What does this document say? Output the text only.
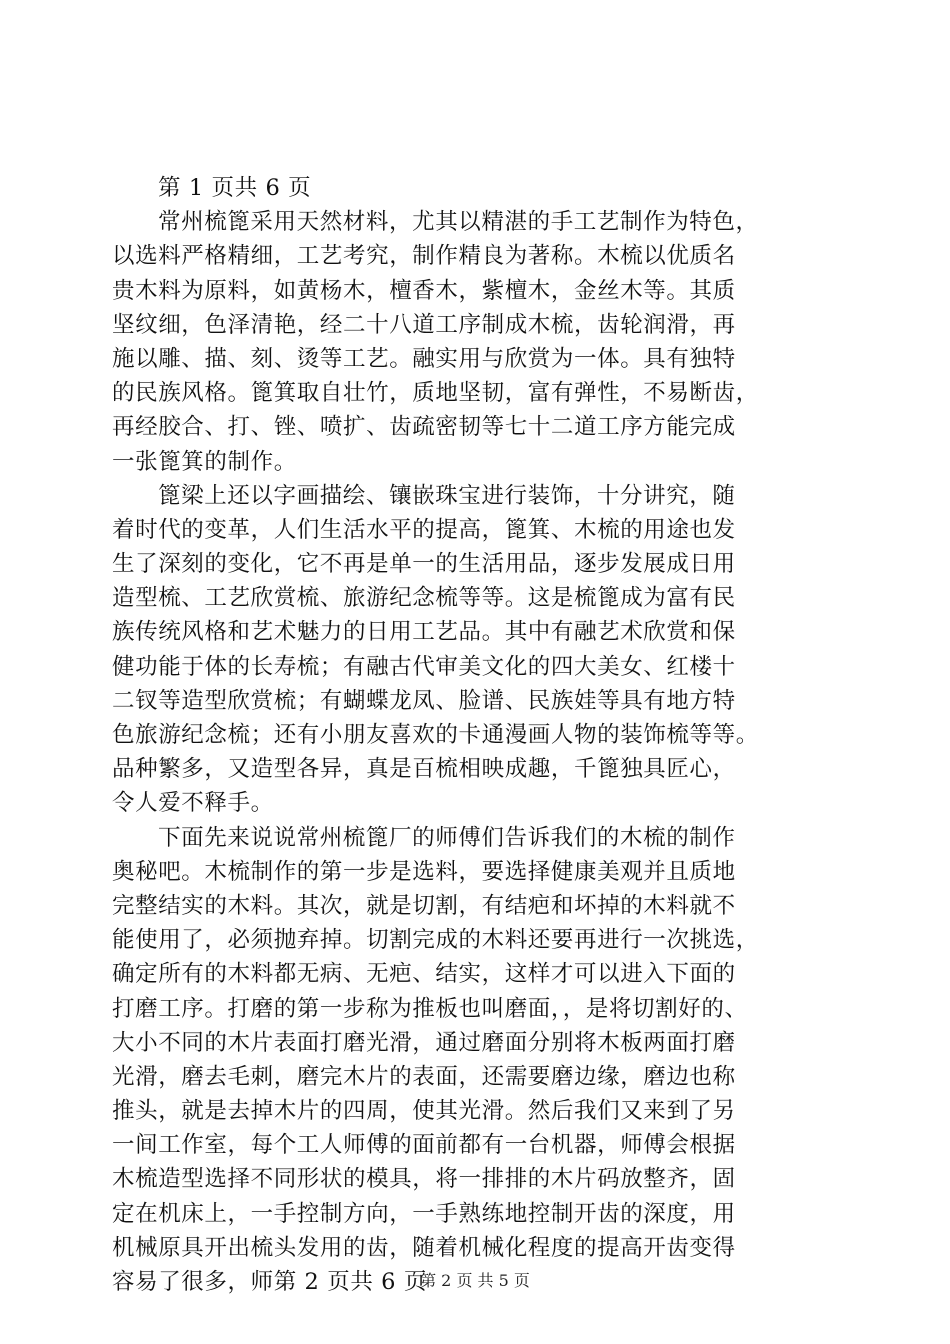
第 1 页共 6 页
常州梳篦采用天然材料，尤其以精湛的手工艺制作为特色，
以选料严格精细，工艺考究，制作精良为著称。木梳以优质名
贵木料为原料，如黄杨木，檀香木，紫檀木，金丝木等。其质
坚纹细，色泽清艳，经二十八道工序制成木梳，齿轮润滑，再
施以雕、描、刻、烫等工艺。融实用与欣赏为一体。具有独特
的民族风格。篦箕取自壮竹，质地坚韧，富有弹性，不易断齿，
再经胶合、打、锉、喷扩、齿疏密韧等七十二道工序方能完成
一张篦箕的制作。
篦梁上还以字画描绘、镶嵌珠宝进行装饰，十分讲究，随
着时代的变革，人们生活水平的提高，篦箕、木梳的用途也发
生了深刻的变化，它不再是单一的生活用品，逐步发展成日用
造型梳、工艺欣赏梳、旅游纪念梳等等。这是梳篦成为富有民
族传统风格和艺术魅力的日用工艺品。其中有融艺术欣赏和保
健功能于体的长寿梳；有融古代审美文化的四大美女、红楼十
二钗等造型欣赏梳；有蝴蝶龙凤、脸谱、民族娃等具有地方特
色旅游纪念梳；还有小朋友喜欢的卡通漫画人物的装饰梳等等。
品种繁多，又造型各异，真是百梳相映成趣，千篦独具匠心，
令人爱不释手。
下面先来说说常州梳篦厂的师傅们告诉我们的木梳的制作
奥秘吧。木梳制作的第一步是选料，要选择健康美观并且质地
完整结实的木料。其次，就是切割，有结疤和坏掉的木料就不
能使用了，必须抛弃掉。切割完成的木料还要再进行一次挑选，
确定所有的木料都无病、无疤、结实，这样才可以进入下面的
打磨工序。打磨的第一步称为推板也叫磨面，，是将切割好的、
大小不同的木片表面打磨光滑，通过磨面分别将木板两面打磨
光滑，磨去毛刺，磨完木片的表面，还需要磨边缘，磨边也称
推头，就是去掉木片的四周，使其光滑。然后我们又来到了另
一间工作室，每个工人师傅的面前都有一台机器，师傅会根据
木梳造型选择不同形状的模具，将一排排的木片码放整齐，固
定在机床上，一手控制方向，一手熟练地控制开齿的深度，用
机械原具开出梳头发用的齿，随着机械化程度的提高开齿变得
容易了很多，师第 2 页共 6 页
第 2 页 共 5 页
